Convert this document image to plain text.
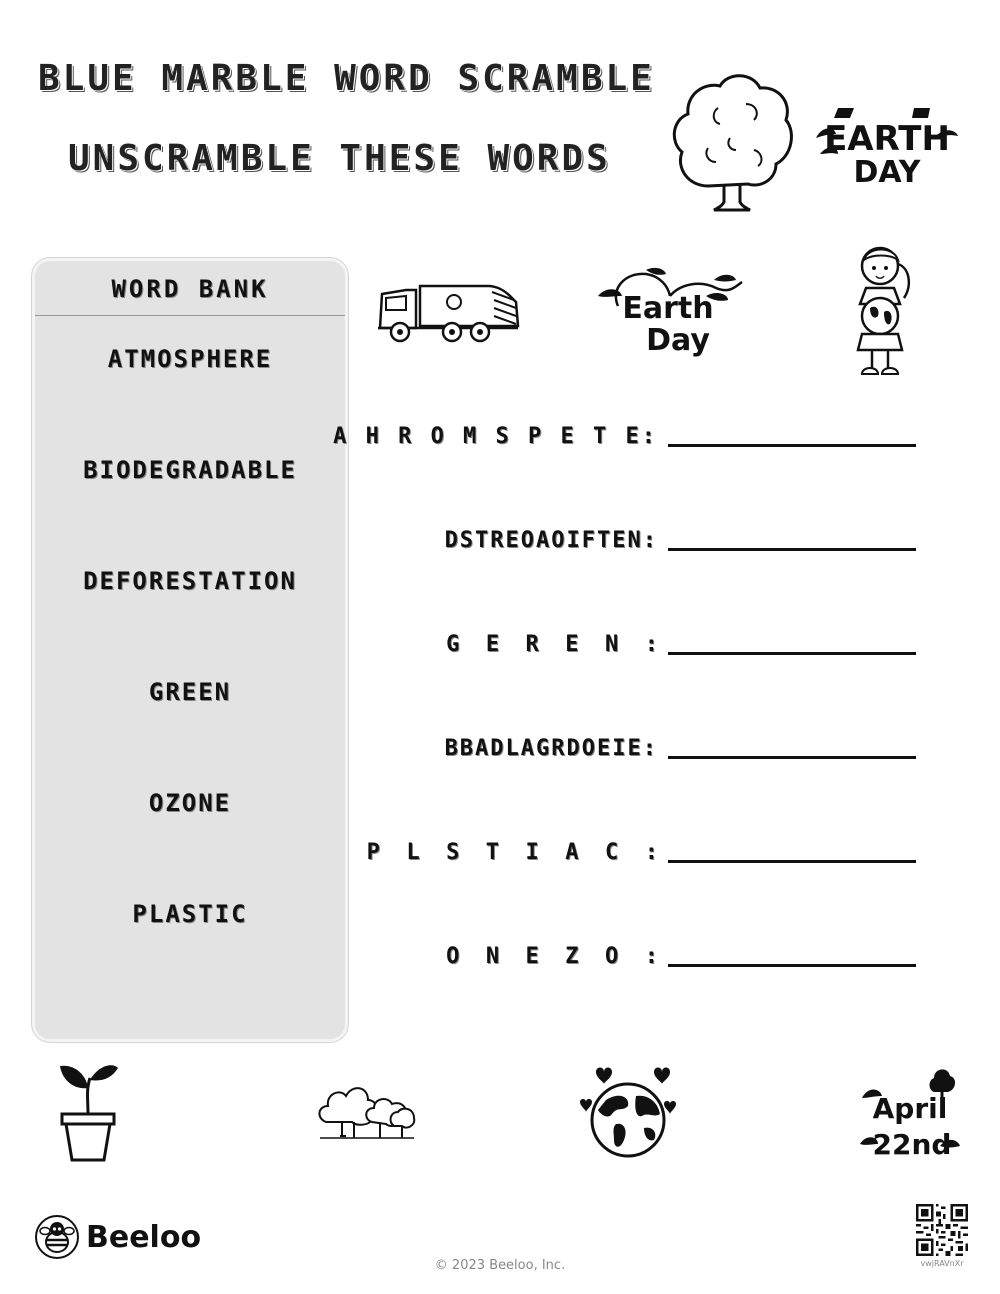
BLUE MARBLE WORD SCRAMBLE
UNSCRAMBLE THESE WORDS	EARTH
DAY
WORD BANK
ATMOSPHERE
BIODEGRADABLE
DEFORESTATION
GREEN
OZONE
PLASTIC
Earth
Day
A H R O M S P E T E:
DSTREOAOIFTEN:
G  E  R  E  N  :
BBADLAGRDOEIE:
P  L  S  T  I  A  C  :
O  N  E  Z  O  :
April
22nd
Beeloo
© 2023 Beeloo, Inc.	vwjRAVnXr
